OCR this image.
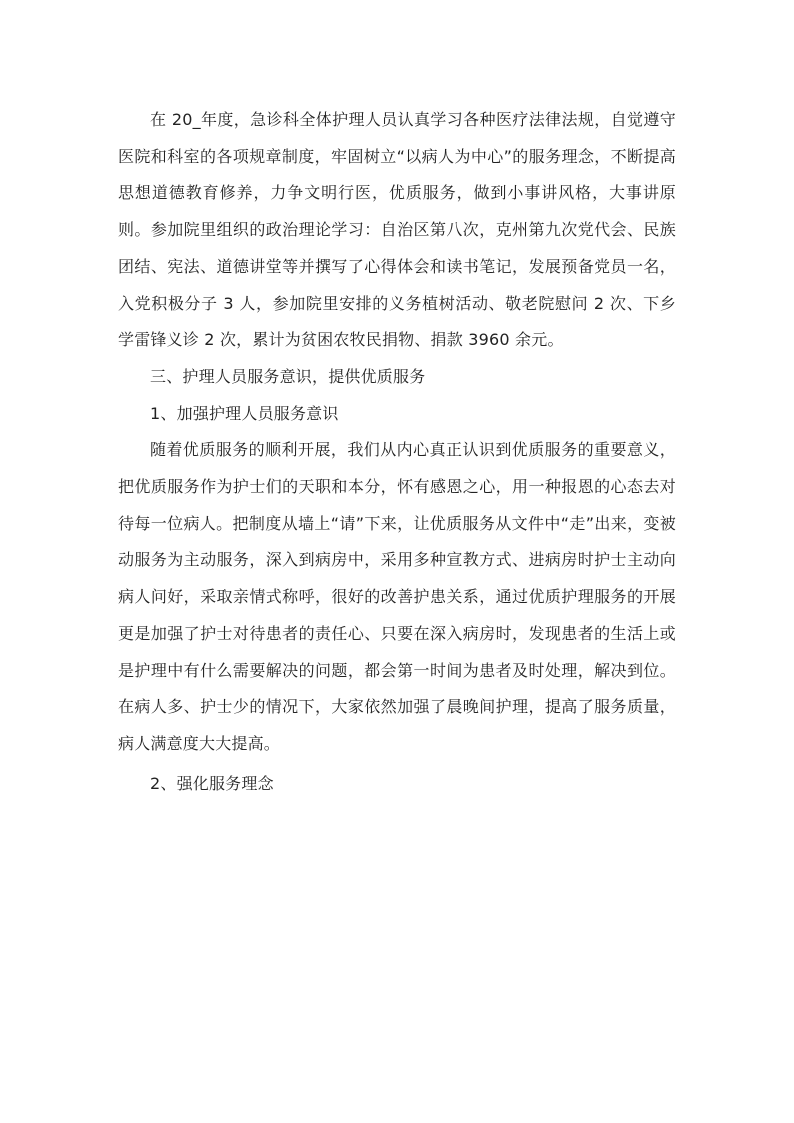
在 20_年度，急诊科全体护理人员认真学习各种医疗法律法规，自觉遵守医院和科室的各项规章制度，牢固树立“以病人为中心”的服务理念，不断提高思想道德教育修养，力争文明行医，优质服务，做到小事讲风格，大事讲原则。参加院里组织的政治理论学习：自治区第八次，克州第九次党代会、民族团结、宪法、道德讲堂等并撰写了心得体会和读书笔记，发展预备党员一名，入党积极分子 3 人，参加院里安排的义务植树活动、敬老院慰问 2 次、下乡学雷锋义诊 2 次，累计为贫困农牧民捐物、捐款 3960 余元。

三、护理人员服务意识，提供优质服务

1、加强护理人员服务意识

随着优质服务的顺利开展，我们从内心真正认识到优质服务的重要意义，把优质服务作为护士们的天职和本分，怀有感恩之心，用一种报恩的心态去对待每一位病人。把制度从墙上“请”下来，让优质服务从文件中“走”出来，变被动服务为主动服务，深入到病房中，采用多种宣教方式、进病房时护士主动向病人问好，采取亲情式称呼，很好的改善护患关系，通过优质护理服务的开展更是加强了护士对待患者的责任心、只要在深入病房时，发现患者的生活上或是护理中有什么需要解决的问题，都会第一时间为患者及时处理，解决到位。在病人多、护士少的情况下，大家依然加强了晨晚间护理，提高了服务质量，病人满意度大大提高。

2、强化服务理念
